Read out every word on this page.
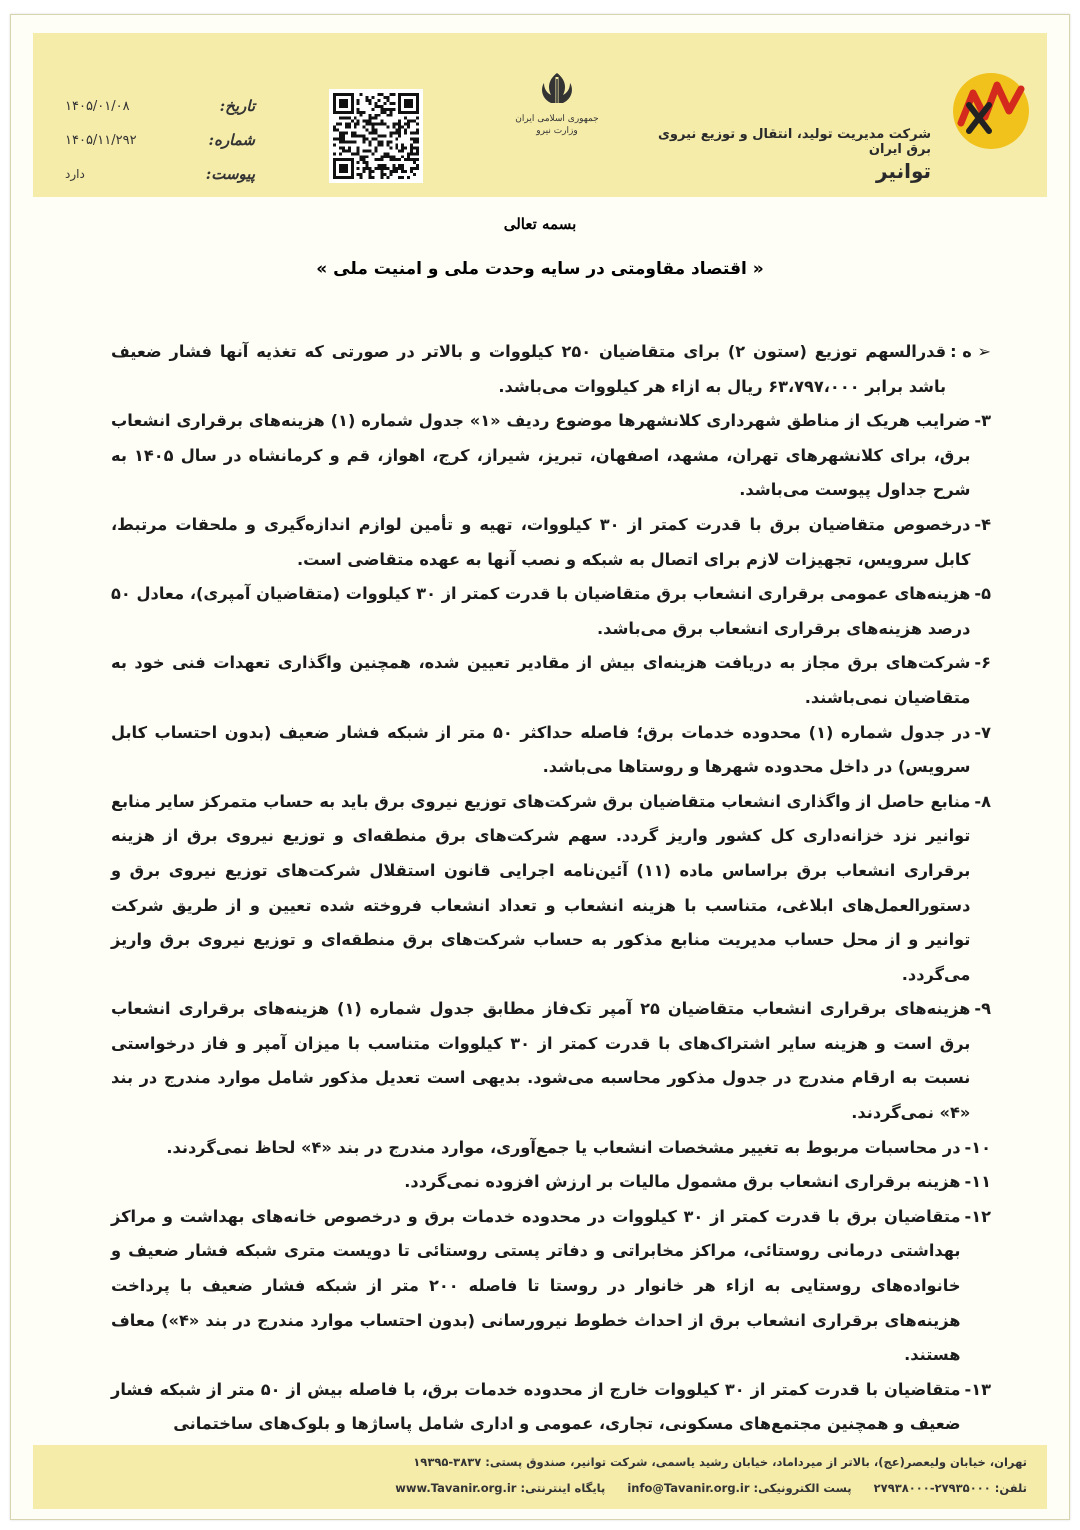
شرکت مدیریت تولید، انتقال و توزیع نیروی برق ایران
توانیر
جمهوری اسلامی ایران
وزارت نیرو
تاریخ:
۱۴۰۵/۰۱/۰۸
شماره:
۱۴۰۵/۱۱/۲۹۲
پیوست:
دارد
بسمه تعالی
« اقتصاد مقاومتی در سایه وحدت ملی و امنیت ملی »
➢ ه :
قدرالسهم توزیع (ستون ۲) برای متقاضیان ۲۵۰ کیلووات و بالاتر در صورتی که تغذیه آنها فشار ضعیف باشد برابر ۶۳،۷۹۷،۰۰۰ ریال به ازاء هر کیلووات می‌باشد.
۳-
ضرایب هریک از مناطق شهرداری کلانشهرها موضوع ردیف «۱» جدول شماره (۱) هزینه‌های برقراری انشعاب برق، برای کلانشهرهای تهران، مشهد، اصفهان، تبریز، شیراز، کرج، اهواز، قم و کرمانشاه در سال ۱۴۰۵ به شرح جداول پیوست می‌باشد.
۴-
درخصوص متقاضیان برق با قدرت کمتر از ۳۰ کیلووات، تهیه و تأمین لوازم اندازه‌گیری و ملحقات مرتبط، کابل سرویس، تجهیزات لازم برای اتصال به شبکه و نصب آنها به عهده متقاضی است.
۵-
هزینه‌های عمومی برقراری انشعاب برق متقاضیان با قدرت کمتر از ۳۰ کیلووات (متقاضیان آمپری)، معادل ۵۰ درصد هزینه‌های برقراری انشعاب برق می‌باشد.
۶-
شرکت‌های برق مجاز به دریافت هزینه‌ای بیش از مقادیر تعیین شده، همچنین واگذاری تعهدات فنی خود به متقاضیان نمی‌باشند.
۷-
در جدول شماره (۱) محدوده خدمات برق؛ فاصله حداکثر ۵۰ متر از شبکه فشار ضعیف (بدون احتساب کابل سرویس) در داخل محدوده شهرها و روستاها می‌باشد.
۸-
منابع حاصل از واگذاری انشعاب متقاضیان برق شرکت‌های توزیع نیروی برق باید به حساب متمرکز سایر منابع توانیر نزد خزانه‌داری کل کشور واریز گردد. سهم شرکت‌های برق منطقه‌ای و توزیع نیروی برق از هزینه برقراری انشعاب برق براساس ماده (۱۱) آئین‌نامه اجرایی قانون استقلال شرکت‌های توزیع نیروی برق و دستورالعمل‌های ابلاغی، متناسب با هزینه انشعاب و تعداد انشعاب فروخته شده تعیین و از طریق شرکت توانیر و از محل حساب مدیریت منابع مذکور به حساب شرکت‌های برق منطقه‌ای و توزیع نیروی برق واریز می‌گردد.
۹-
هزینه‌های برقراری انشعاب متقاضیان ۲۵ آمپر تک‌فاز مطابق جدول شماره (۱) هزینه‌های برقراری انشعاب برق است و هزینه سایر اشتراک‌های با قدرت کمتر از ۳۰ کیلووات متناسب با میزان آمپر و فاز درخواستی نسبت به ارقام مندرج در جدول مذکور محاسبه می‌شود. بدیهی است تعدیل مذکور شامل موارد مندرج در بند «۴» نمی‌گردند.
۱۰-
در محاسبات مربوط به تغییر مشخصات انشعاب یا جمع‌آوری، موارد مندرج در بند «۴» لحاظ نمی‌گردند.
۱۱-
هزینه برقراری انشعاب برق مشمول مالیات بر ارزش افزوده نمی‌گردد.
۱۲-
متقاضیان برق با قدرت کمتر از ۳۰ کیلووات در محدوده خدمات برق و درخصوص خانه‌های بهداشت و مراکز بهداشتی درمانی روستائی، مراکز مخابراتی و دفاتر پستی روستائی تا دویست متری شبکه فشار ضعیف و خانواده‌های روستایی به ازاء هر خانوار در روستا تا فاصله ۲۰۰ متر از شبکه فشار ضعیف با پرداخت هزینه‌های برقراری انشعاب برق از احداث خطوط نیرورسانی (بدون احتساب موارد مندرج در بند «۴») معاف هستند.
۱۳-
متقاضیان با قدرت کمتر از ۳۰ کیلووات خارج از محدوده خدمات برق، با فاصله بیش از ۵۰ متر از شبکه فشار ضعیف و همچنین مجتمع‌های مسکونی، تجاری، عمومی و اداری شامل پاساژها و بلوک‌های ساختمانی
تهران، خیابان ولیعصر(عج)، بالاتر از میرداماد، خیابان رشید یاسمی، شرکت توانیر، صندوق پستی: ۳۸۳۷-۱۹۳۹۵
تلفن: ۲۷۹۳۵۰۰۰-۲۷۹۳۸۰۰۰ پست الکترونیکی: info@Tavanir.org.ir پایگاه اینترنتی: www.Tavanir.org.ir
